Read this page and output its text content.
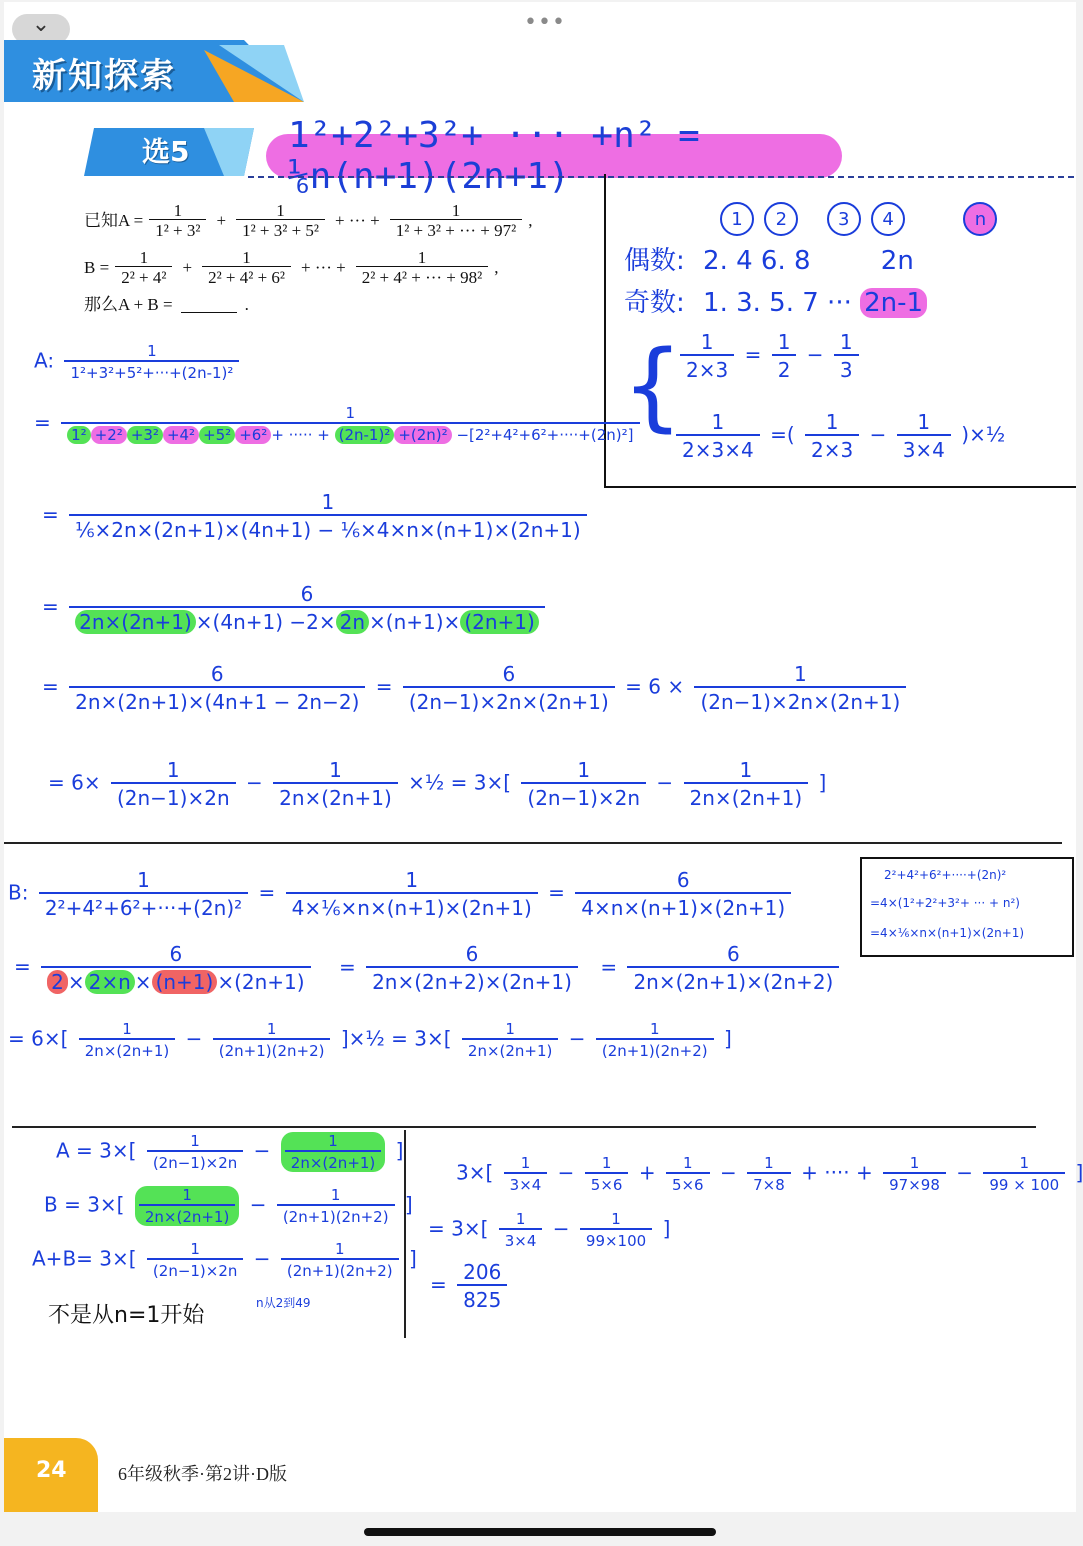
⌄	•••
新知探索
选5	1²+2²+3²+ ··· +n² = ⅙n(n+1)(2n+1)
已知$A = \frac{1}{\text{1² + 3²}} + \frac{1}{\text{1² + 3² + 5²}}$ + ··· + $\frac{1}{\text{1² + 3² + ··· + 97²}}$ ,
$B = \frac{1}{\text{2² + 4²}} + \frac{1}{\text{2² + 4² + 6²}}$ + ··· + $\frac{1}{\text{2² + 4² + ··· + 98²}}$ ,
那么A + B =	.
1 2	3 4	n
偶数: 2. 4 6. 8	2n
奇数: 1. 3. 5. 7 ··· 2n-1
{
$\frac{1}{2\times 3} = \frac{1}{2} - \frac{1}{3}$
$\frac{1}{2\times 3\times 4}$ =( $\frac{1}{2\times 3} - \frac{1}{3\times 4}$ )×½
A: $\frac{1}{\text{1²+3²+5²+···+(2n-1)²}}$
=	1
1² +2² +3² +4² +5² +6² + ····· + (2n-1)² +(2n)² −[2²+4²+6²+····+(2n)²]
= $\frac{1}{\text{⅙×2n×(2n+1)×(4n+1) − ⅙×4×n×(n+1)×(2n+1)}}$
= $\frac{6}{2n\times(2n+1) \times(4n+1) -2\times 2n \times(n+1)\times (2n+1)}$
= $\frac{6}{2n\times(2n+1)\times(4n+1 - 2n-2)} = \frac{6}{(2n-1)\times 2n\times(2n+1)} = 6 \times \frac{1}{(2n-1)\times 2n\times(2n+1)}$
= $6\times \frac{1}{(2n-1)\times 2n} - \frac{1}{2n\times(2n+1)}$ ×½ = $3\times[ \frac{1}{(2n-1)\times 2n} - \frac{1}{2n\times(2n+1)}$ ]
B: $\frac{1}{\text{2²+4²+6²+···+(2n)²}} = \frac{1}{\text{4×⅙×n×(n+1)×(2n+1)}} = \frac{6}{4\times n\times(n+1)\times(2n+1)}$	2²+4²+6²+····+(2n)²
=4×(1²+2²+3²+ ··· + n²)
=4×⅙×n×(n+1)×(2n+1)
= $\frac{6}{2 \times 2\times n \times (n+1) \times(2n+1)} = \frac{6}{2n\times(2n+2)\times(2n+1)} = \frac{6}{2n\times(2n+1)\times(2n+2)}$
= $6\times[ \frac{1}{2n\times(2n+1)} - \frac{1}{(2n+1)(2n+2)}$ ]×½ = $3\times[ \frac{1}{2n\times(2n+1)} - \frac{1}{(2n+1)(2n+2)}$ ]
$A = 3\times[ \frac{1}{(2n-1)\times 2n} - \frac{1}{2n\times(2n+1)}$ ]
$B = 3\times[ \frac{1}{2n\times(2n+1)} - \frac{1}{(2n+1)(2n+2)}$ ]
$A+B= 3\times[ \frac{1}{(2n-1)\times 2n} - \frac{1}{(2n+1)(2n+2)}$ ]
不是从n=1开始	n从2到49
$3\times[ \frac{1}{3\times 4} - \frac{1}{5\times 6} + \frac{1}{5\times 6} - \frac{1}{7\times 8}$ + ···· + $\frac{1}{97\times 98} - \frac{1}{99 \times 100}$ ]
= $3\times[ \frac{1}{3\times 4} - \frac{1}{99\times 100}$ ]
= $\frac{206}{825}$
24	6年级秋季·第2讲·D版
